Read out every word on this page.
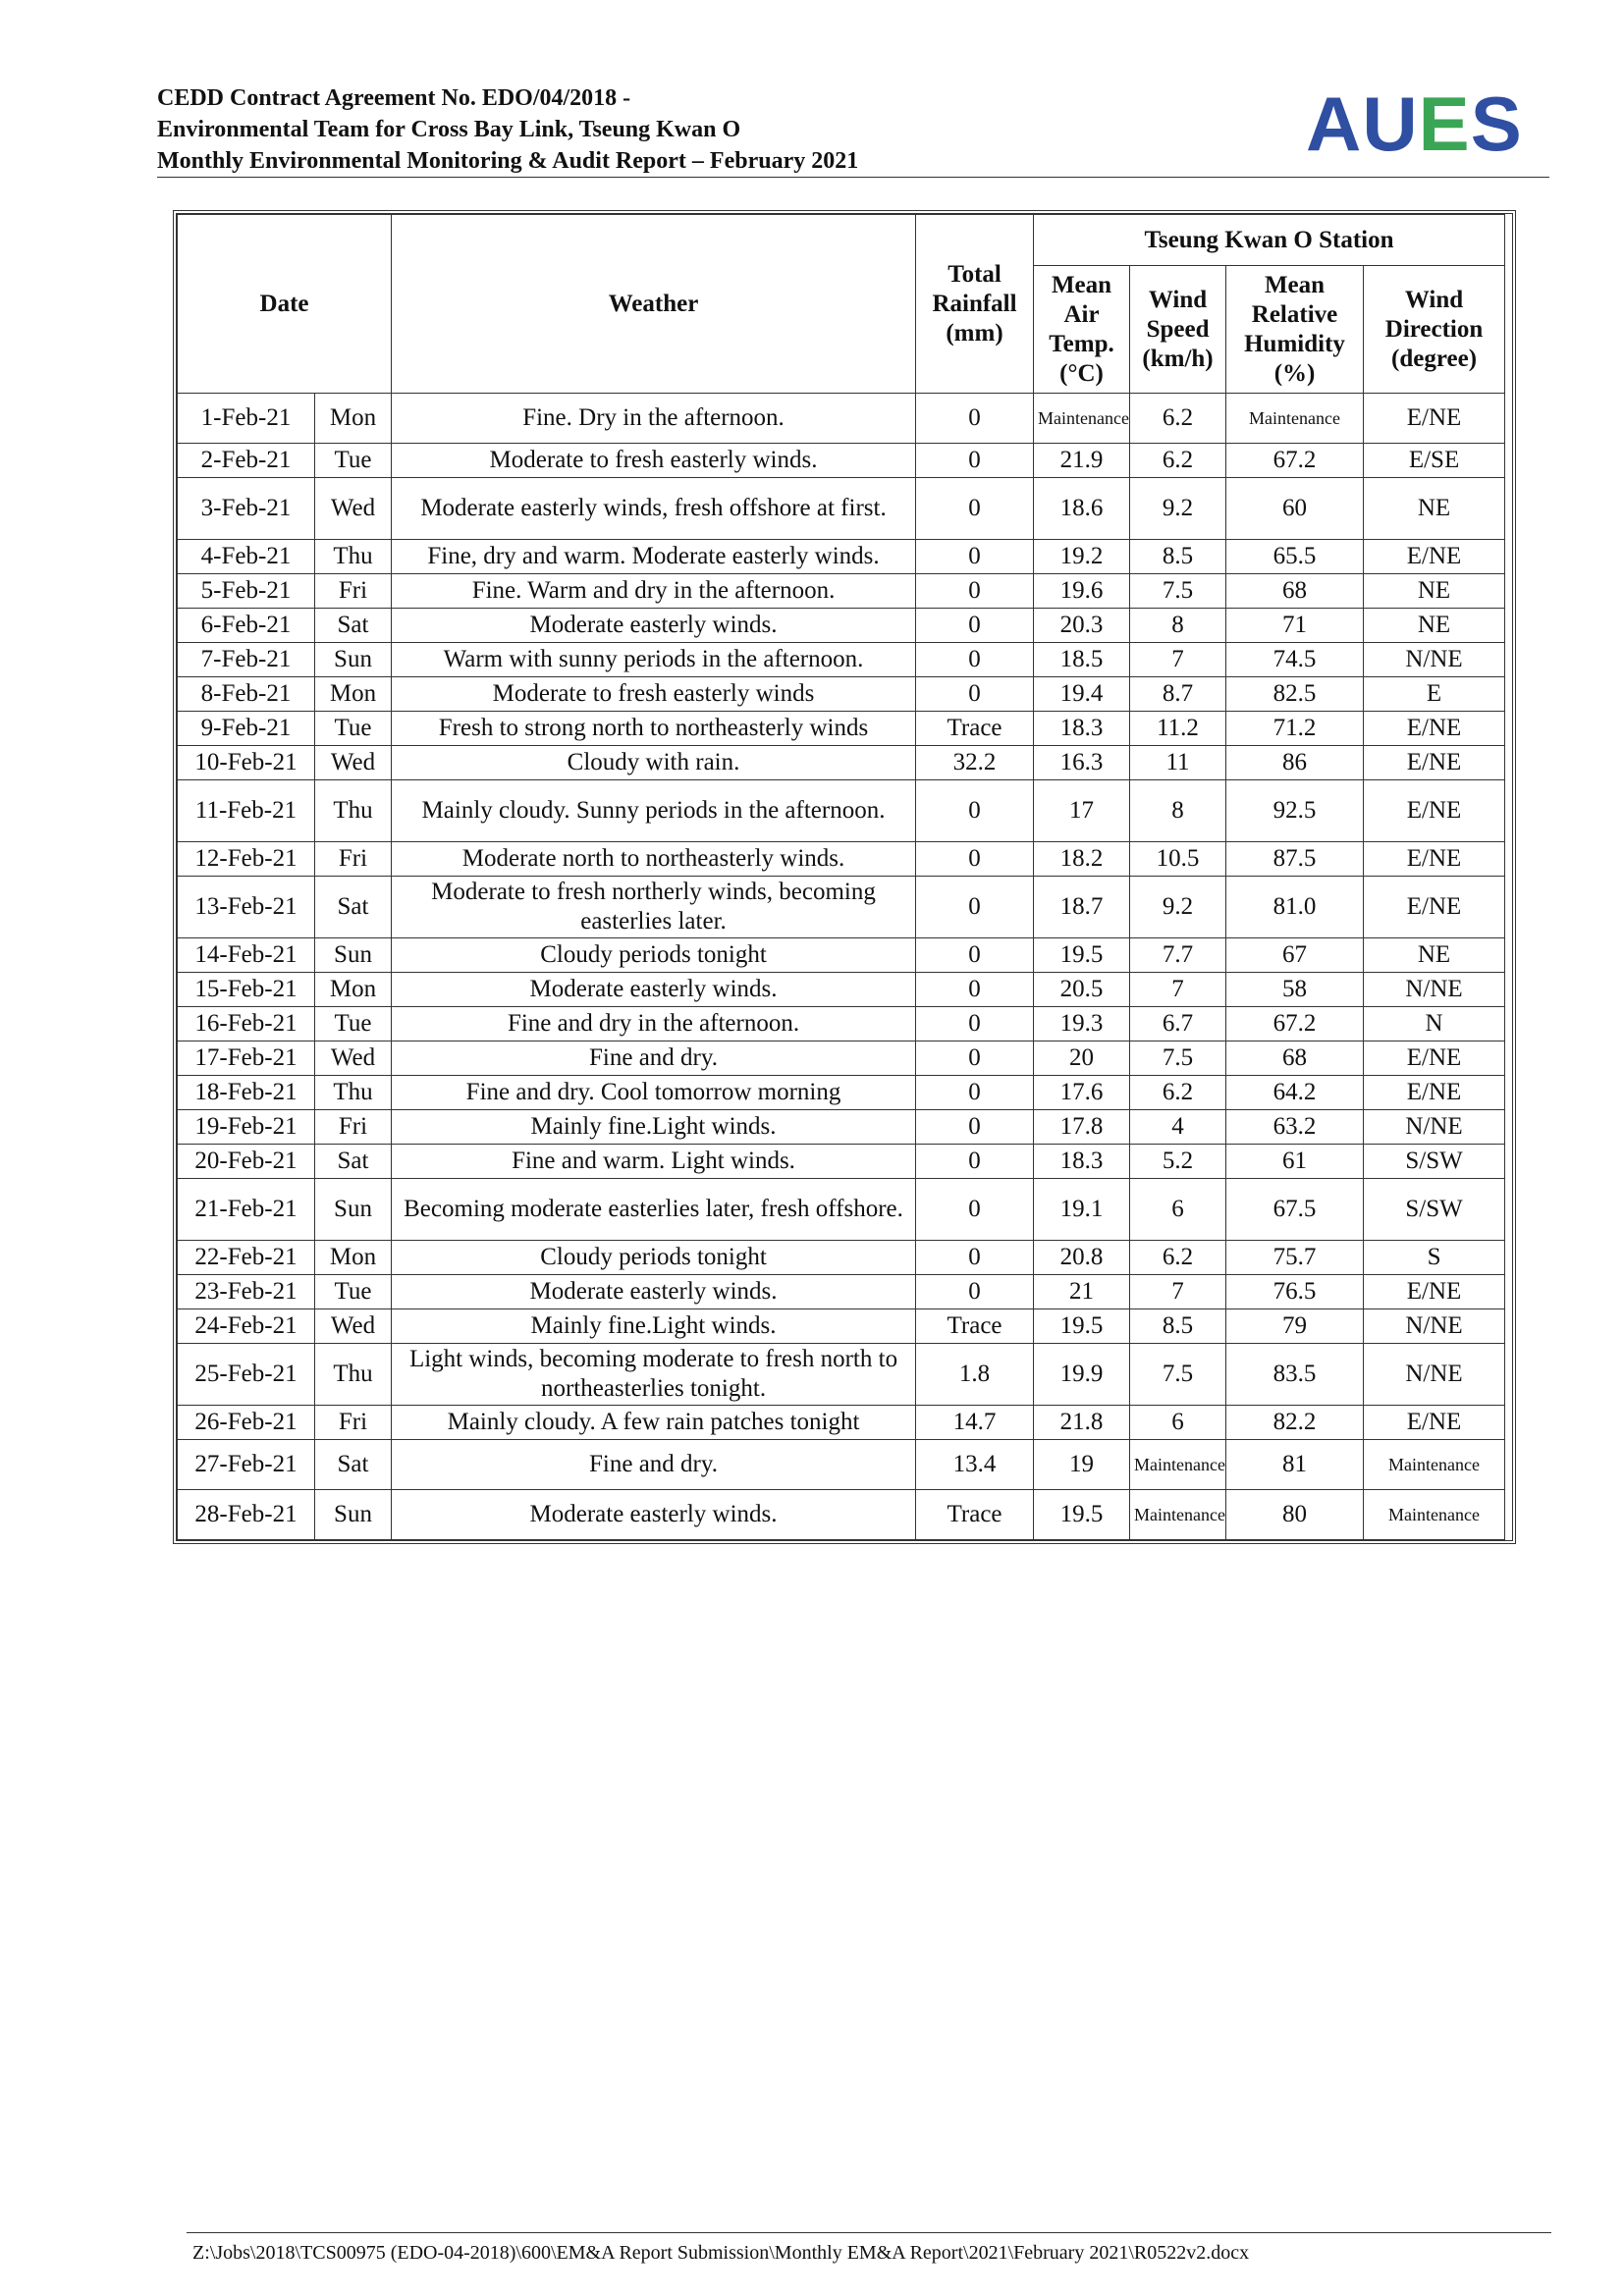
CEDD Contract Agreement No. EDO/04/2018 -
Environmental Team for Cross Bay Link, Tseung Kwan O
Monthly Environmental Monitoring & Audit Report – February 2021	AUES
Date		Weather	Total Rainfall (mm)	Tseung Kwan O Station			
				Mean Air Temp. (°C)	Wind Speed (km/h)	Mean Relative Humidity (%)	Wind Direction (degree)
1-Feb-21	Mon	Fine. Dry in the afternoon.	0	Maintenance	6.2	Maintenance	E/NE
2-Feb-21	Tue	Moderate to fresh easterly winds.	0	21.9	6.2	67.2	E/SE
3-Feb-21	Wed	Moderate easterly winds, fresh offshore at first.	0	18.6	9.2	60	NE
4-Feb-21	Thu	Fine, dry and warm. Moderate easterly winds.	0	19.2	8.5	65.5	E/NE
5-Feb-21	Fri	Fine. Warm and dry in the afternoon.	0	19.6	7.5	68	NE
6-Feb-21	Sat	Moderate easterly winds.	0	20.3	8	71	NE
7-Feb-21	Sun	Warm with sunny periods in the afternoon.	0	18.5	7	74.5	N/NE
8-Feb-21	Mon	Moderate to fresh easterly winds	0	19.4	8.7	82.5	E
9-Feb-21	Tue	Fresh to strong north to northeasterly winds	Trace	18.3	11.2	71.2	E/NE
10-Feb-21	Wed	Cloudy with rain.	32.2	16.3	11	86	E/NE
11-Feb-21	Thu	Mainly cloudy. Sunny periods in the afternoon.	0	17	8	92.5	E/NE
12-Feb-21	Fri	Moderate north to northeasterly winds.	0	18.2	10.5	87.5	E/NE
13-Feb-21	Sat	Moderate to fresh northerly winds, becoming easterlies later.	0	18.7	9.2	81.0	E/NE
14-Feb-21	Sun	Cloudy periods tonight	0	19.5	7.7	67	NE
15-Feb-21	Mon	Moderate easterly winds.	0	20.5	7	58	N/NE
16-Feb-21	Tue	Fine and dry in the afternoon.	0	19.3	6.7	67.2	N
17-Feb-21	Wed	Fine and dry.	0	20	7.5	68	E/NE
18-Feb-21	Thu	Fine and dry. Cool tomorrow morning	0	17.6	6.2	64.2	E/NE
19-Feb-21	Fri	Mainly fine.Light winds.	0	17.8	4	63.2	N/NE
20-Feb-21	Sat	Fine and warm. Light winds.	0	18.3	5.2	61	S/SW
21-Feb-21	Sun	Becoming moderate easterlies later, fresh offshore.	0	19.1	6	67.5	S/SW
22-Feb-21	Mon	Cloudy periods tonight	0	20.8	6.2	75.7	S
23-Feb-21	Tue	Moderate easterly winds.	0	21	7	76.5	E/NE
24-Feb-21	Wed	Mainly fine.Light winds.	Trace	19.5	8.5	79	N/NE
25-Feb-21	Thu	Light winds, becoming moderate to fresh north to northeasterlies tonight.	1.8	19.9	7.5	83.5	N/NE
26-Feb-21	Fri	Mainly cloudy. A few rain patches tonight	14.7	21.8	6	82.2	E/NE
27-Feb-21	Sat	Fine and dry.	13.4	19	Maintenance	81	Maintenance
28-Feb-21	Sun	Moderate easterly winds.	Trace	19.5	Maintenance	80	Maintenance
Z:\Jobs\2018\TCS00975 (EDO-04-2018)\600\EM&A Report Submission\Monthly EM&A Report\2021\February 2021\R0522v2.docx
